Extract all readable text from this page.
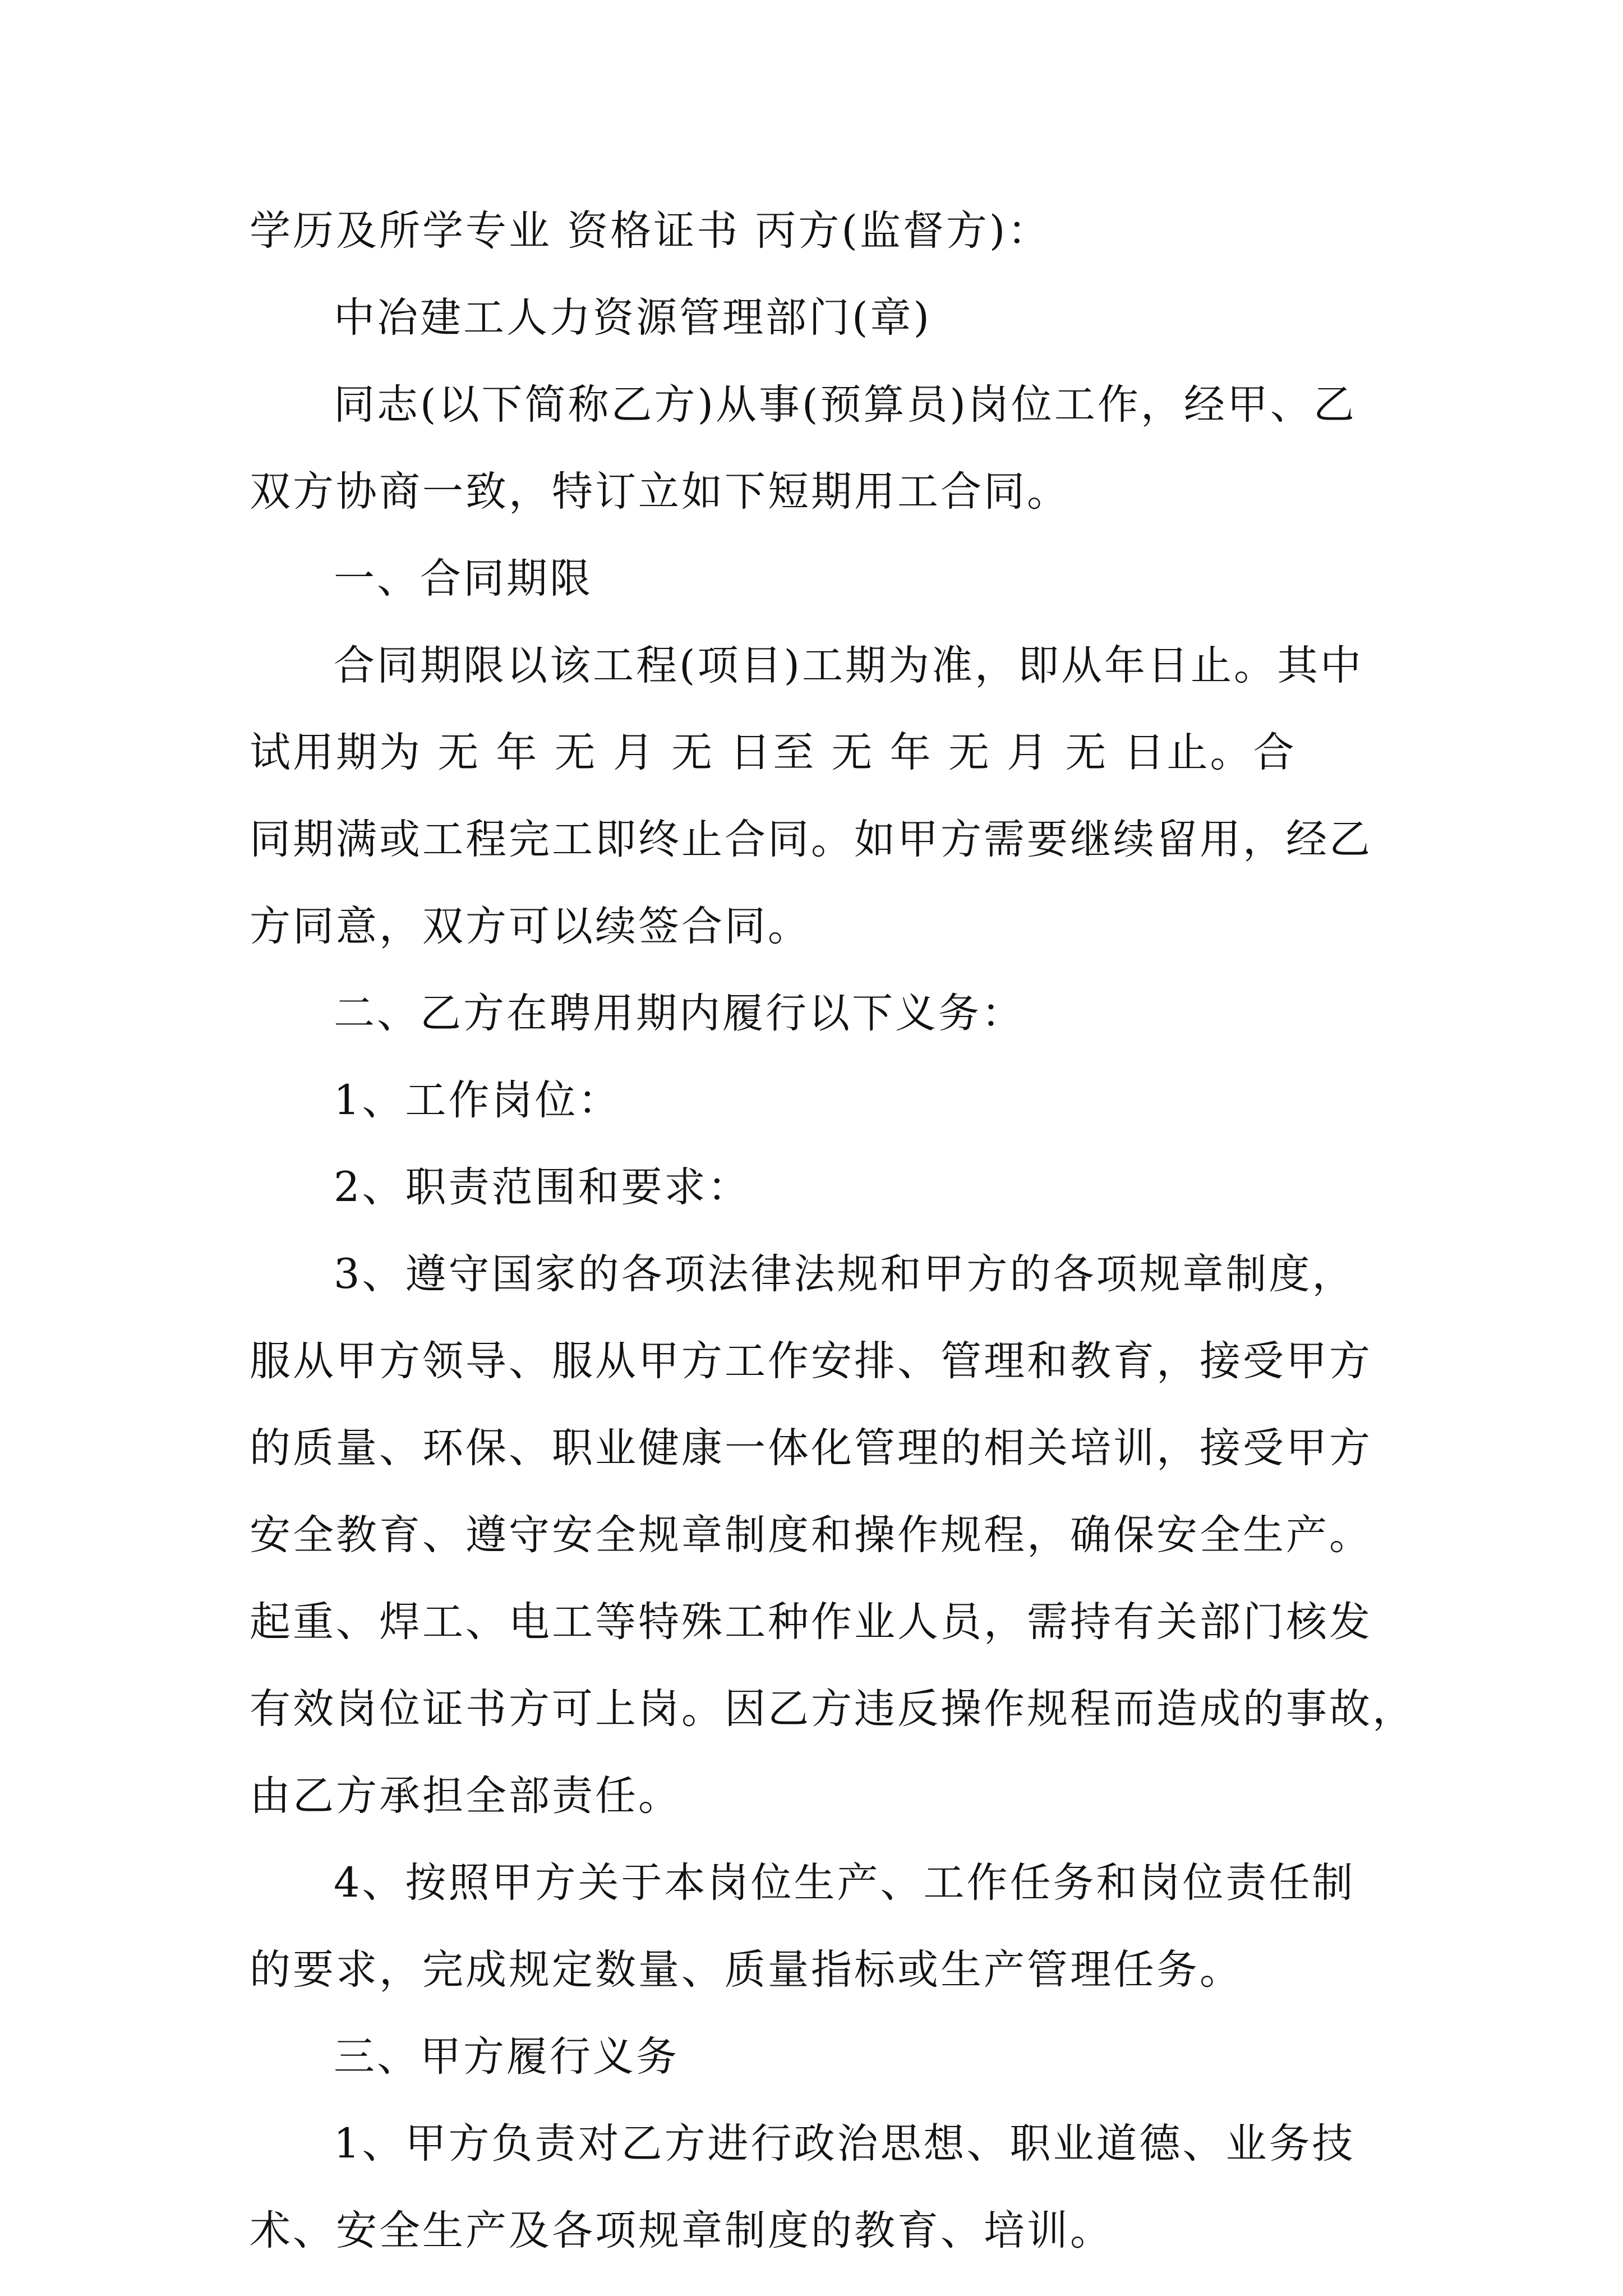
学历及所学专业 资格证书 丙方(监督方)：
中冶建工人力资源管理部门(章)
同志(以下简称乙方)从事(预算员)岗位工作，经甲、乙
双方协商一致，特订立如下短期用工合同。
一、合同期限
合同期限以该工程(项目)工期为准，即从年日止。其中
试用期为 无 年 无 月 无 日至 无 年 无 月 无 日止。合
同期满或工程完工即终止合同。如甲方需要继续留用，经乙
方同意，双方可以续签合同。
二、乙方在聘用期内履行以下义务：
1、工作岗位：
2、职责范围和要求：
3、遵守国家的各项法律法规和甲方的各项规章制度，
服从甲方领导、服从甲方工作安排、管理和教育，接受甲方
的质量、环保、职业健康一体化管理的相关培训，接受甲方
安全教育、遵守安全规章制度和操作规程，确保安全生产。
起重、焊工、电工等特殊工种作业人员，需持有关部门核发
有效岗位证书方可上岗。因乙方违反操作规程而造成的事故，
由乙方承担全部责任。
4、按照甲方关于本岗位生产、工作任务和岗位责任制
的要求，完成规定数量、质量指标或生产管理任务。
三、甲方履行义务
1、甲方负责对乙方进行政治思想、职业道德、业务技
术、安全生产及各项规章制度的教育、培训。
